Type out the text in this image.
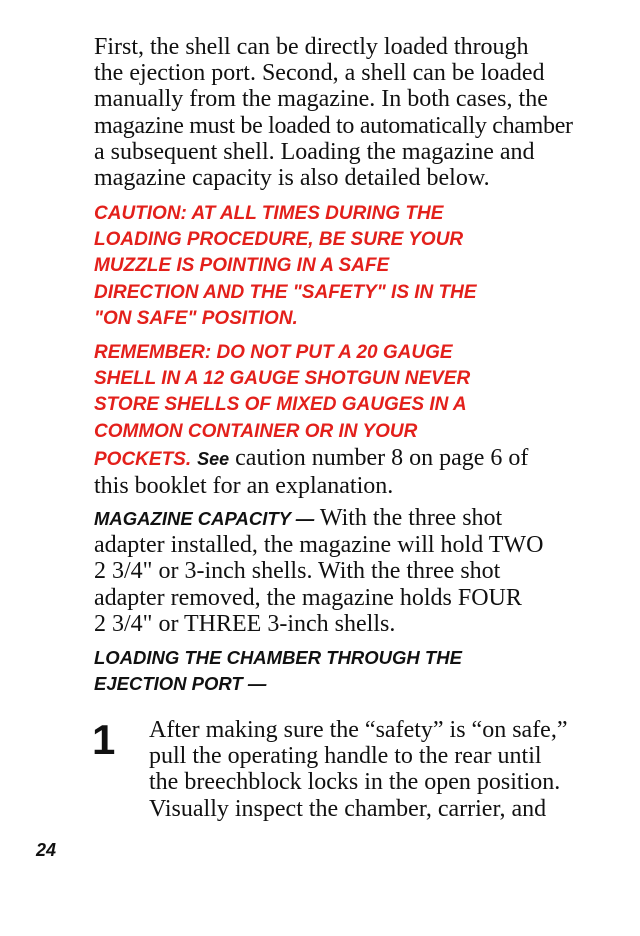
First, the shell can be directly loaded through
the ejection port. Second, a shell can be loaded
manually from the magazine. In both cases, the
magazine must be loaded to automatically chamber
a subsequent shell. Loading the magazine and
magazine capacity is also detailed below.
CAUTION: AT ALL TIMES DURING THE
LOADING PROCEDURE, BE SURE YOUR
MUZZLE IS POINTING IN A SAFE
DIRECTION AND THE "SAFETY" IS IN THE
"ON SAFE" POSITION.
REMEMBER: DO NOT PUT A 20 GAUGE
SHELL IN A 12 GAUGE SHOTGUN NEVER
STORE SHELLS OF MIXED GAUGES IN A
COMMON CONTAINER OR IN YOUR
POCKETS. See caution number 8 on page 6 of
this booklet for an explanation.
MAGAZINE CAPACITY — With the three shot
adapter installed, the magazine will hold TWO
2 3/4" or 3-inch shells. With the three shot
adapter removed, the magazine holds FOUR
2 3/4" or THREE 3-inch shells.
LOADING THE CHAMBER THROUGH THE
EJECTION PORT —
1 After making sure the “safety” is “on safe,”
pull the operating handle to the rear until
the breechblock locks in the open position.
Visually inspect the chamber, carrier, and
24
